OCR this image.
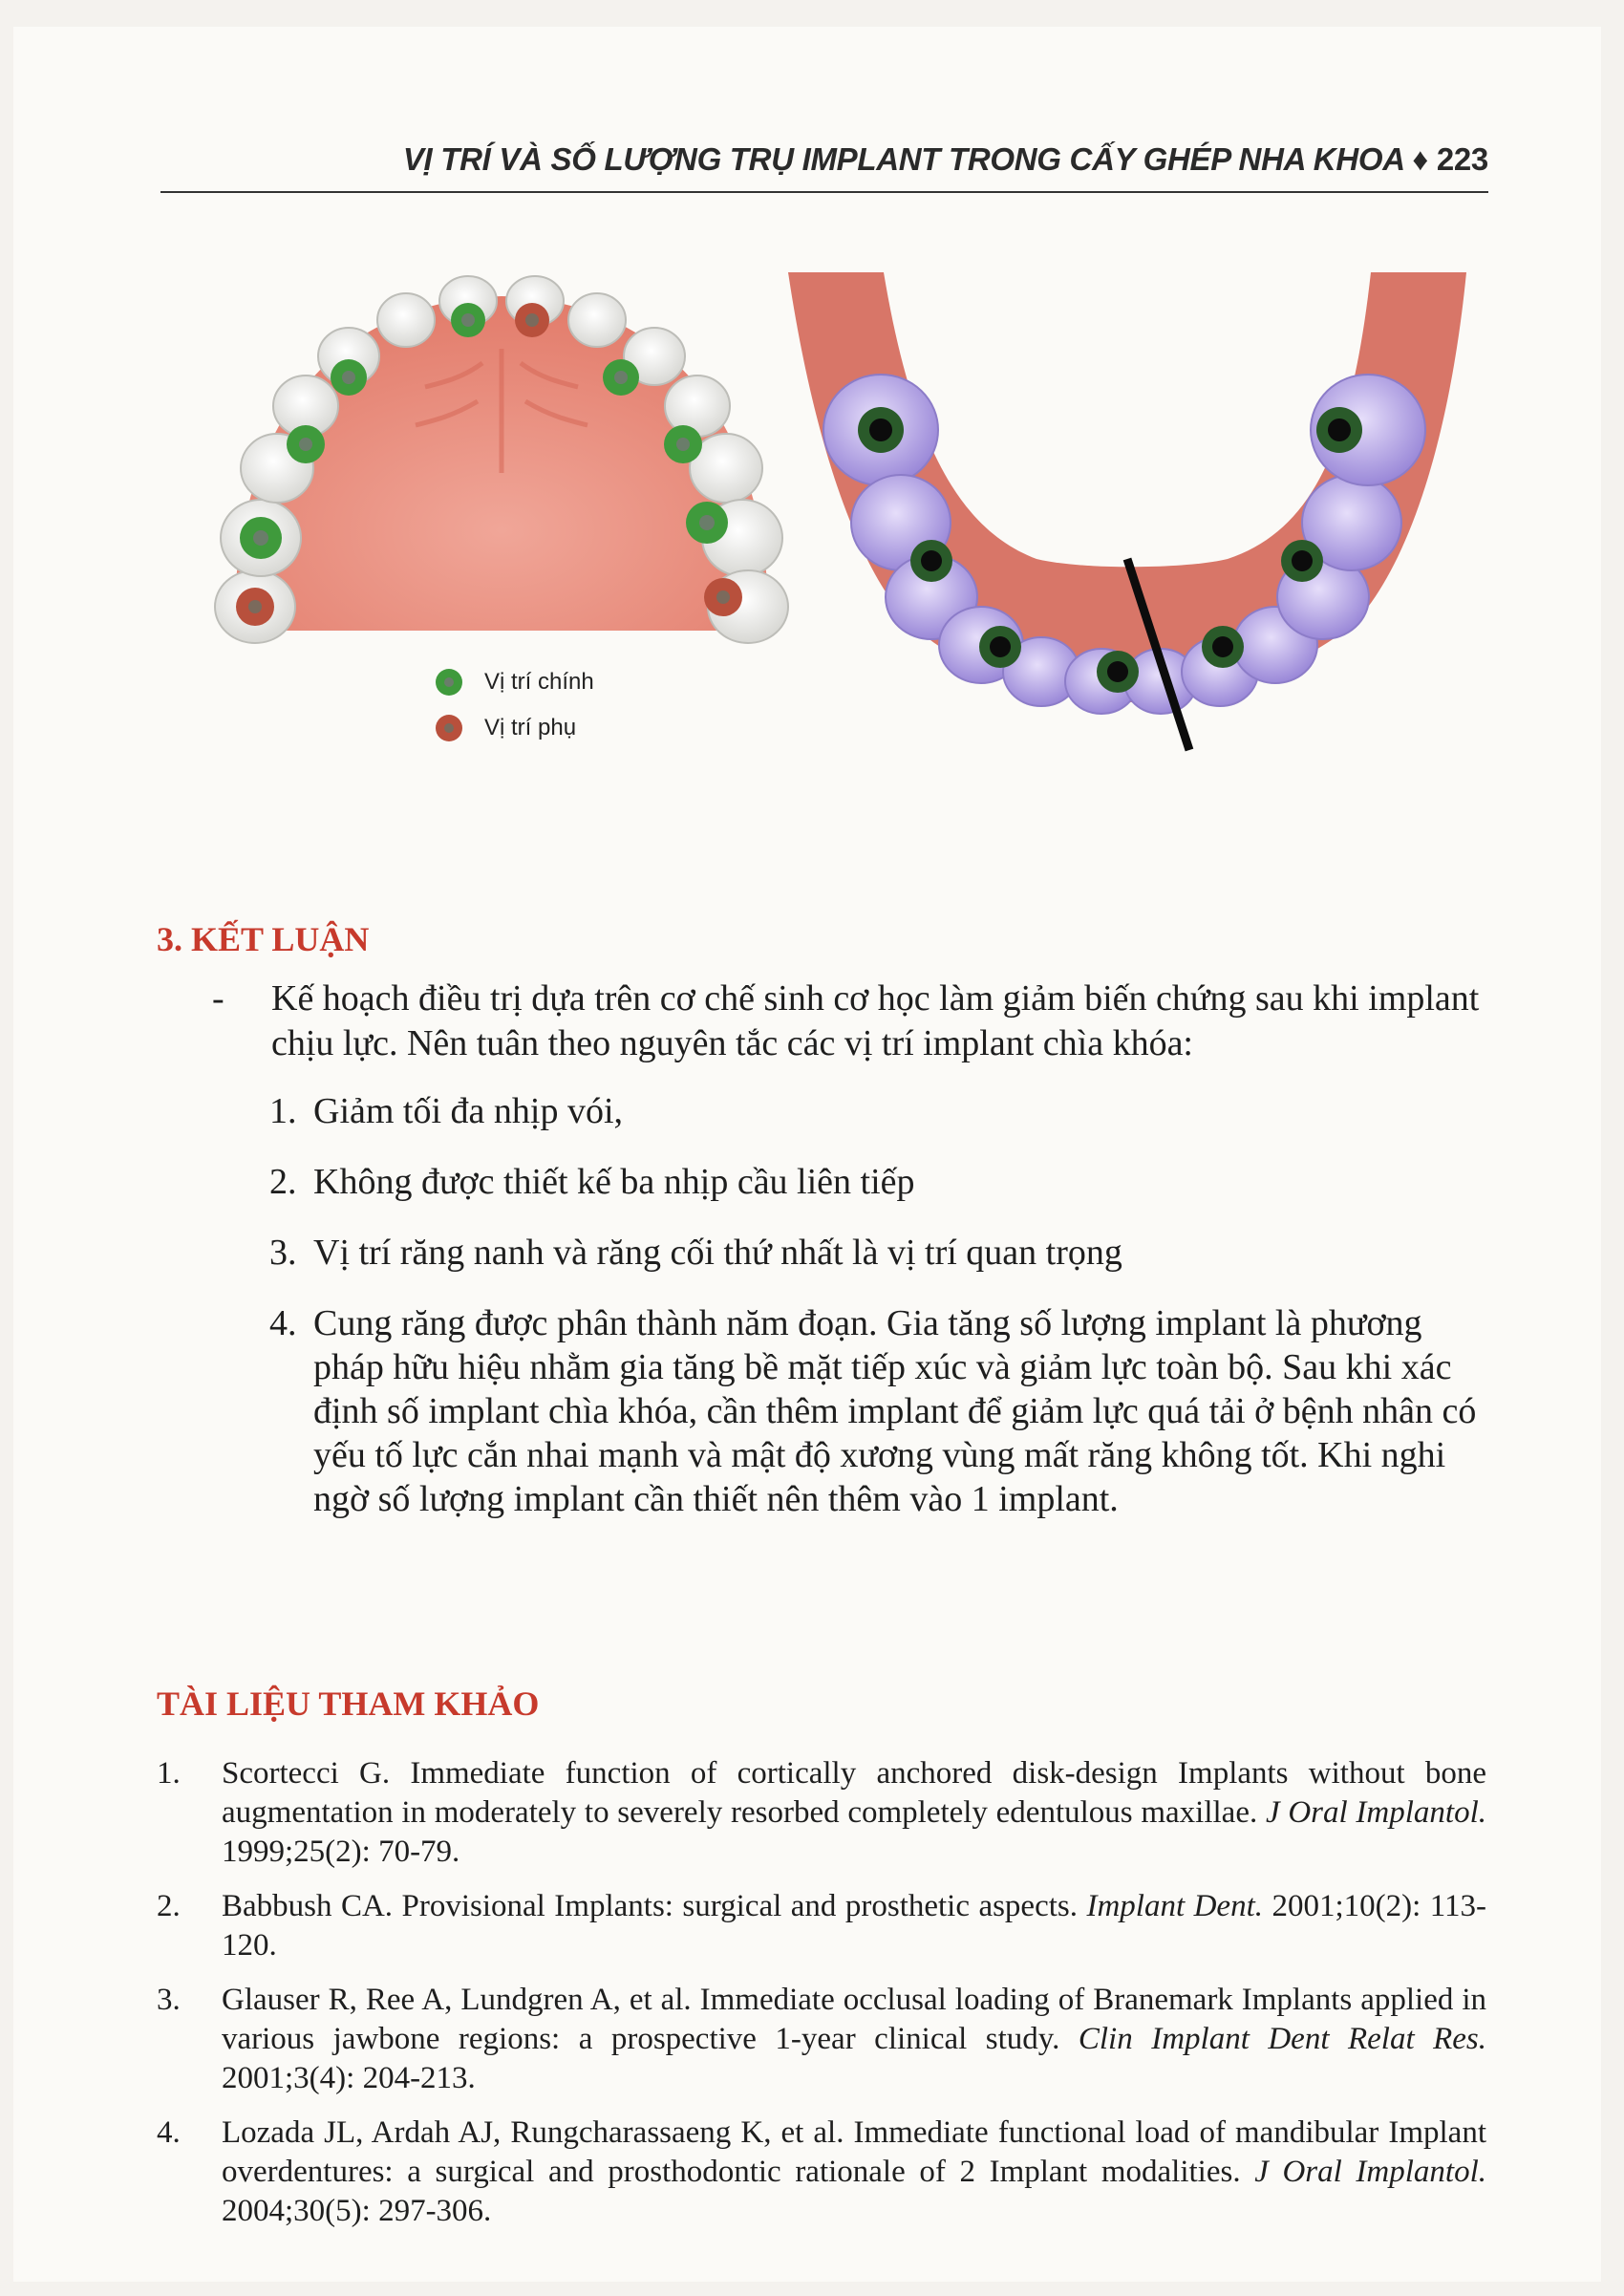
VỊ TRÍ VÀ SỐ LƯỢNG TRỤ IMPLANT TRONG CẤY GHÉP NHA KHOA ♦ 223
Vị trí chính
Vị trí phụ
3. KẾT LUẬN
- Kế hoạch điều trị dựa trên cơ chế sinh cơ học làm giảm biến chứng sau khi implant chịu lực. Nên tuân theo nguyên tắc các vị trí implant chìa khóa:
1. Giảm tối đa nhịp vói,
2. Không được thiết kế ba nhịp cầu liên tiếp
3. Vị trí răng nanh và răng cối thứ nhất là vị trí quan trọng
4. Cung răng được phân thành năm đoạn. Gia tăng số lượng implant là phương pháp hữu hiệu nhằm gia tăng bề mặt tiếp xúc và giảm lực toàn bộ. Sau khi xác định số implant chìa khóa, cần thêm implant để giảm lực quá tải ở bệnh nhân có yếu tố lực cắn nhai mạnh và mật độ xương vùng mất răng không tốt. Khi nghi ngờ số lượng implant cần thiết nên thêm vào 1 implant.
TÀI LIỆU THAM KHẢO
1. Scortecci G. Immediate function of cortically anchored disk-design Implants without bone augmentation in moderately to severely resorbed completely edentulous maxillae. J Oral Implantol. 1999;25(2): 70-79.
2. Babbush CA. Provisional Implants: surgical and prosthetic aspects. Implant Dent. 2001;10(2): 113-120.
3. Glauser R, Ree A, Lundgren A, et al. Immediate occlusal loading of Branemark Implants applied in various jawbone regions: a prospective 1-year clinical study. Clin Implant Dent Relat Res. 2001;3(4): 204-213.
4. Lozada JL, Ardah AJ, Rungcharassaeng K, et al. Immediate functional load of mandibular Implant overdentures: a surgical and prosthodontic rationale of 2 Implant modalities. J Oral Implantol. 2004;30(5): 297-306.
